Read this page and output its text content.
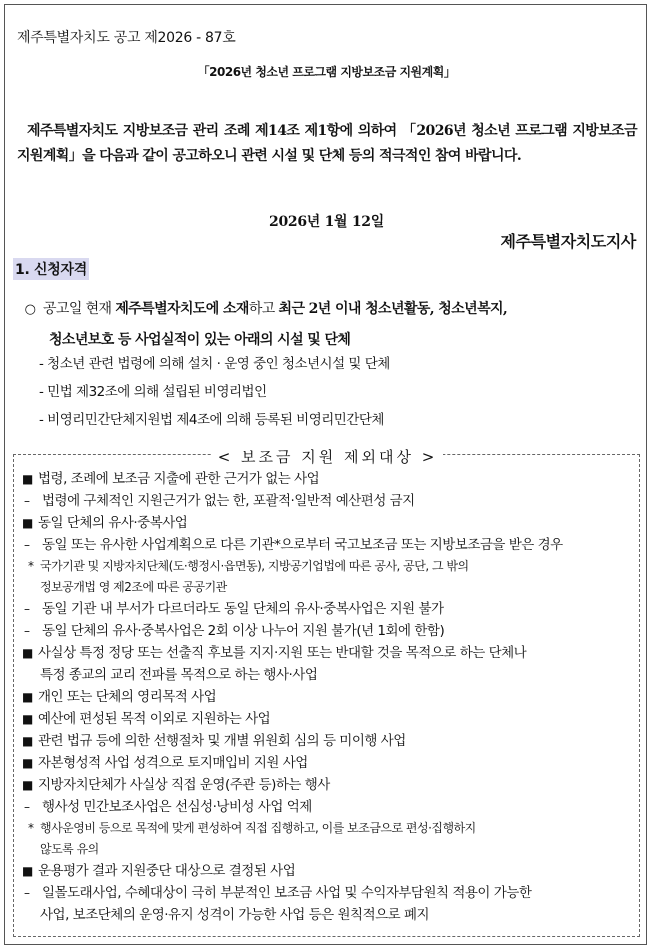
제주특별자치도 공고 제2026 - 87호
「2026년 청소년 프로그램 지방보조금 지원계획」

제주특별자치도 지방보조금 관리 조례 제14조 제1항에 의하여 「2026년 청소년 프로그램 지방보조금 지원계획」을 다음과 같이 공고하오니 관련 시설 및 단체 등의 적극적인 참여 바랍니다.

2026년 1월 12일
제주특별자치도지사
1. 신청자격
○ 공고일 현재 제주특별자치도에 소재하고 최근 2년 이내 청소년활동, 청소년복지,
청소년보호 등 사업실적이 있는 아래의 시설 및 단체
- 청소년 관련 법령에 의해 설치 · 운영 중인 청소년시설 및 단체
- 민법 제32조에 의해 설립된 비영리법인
- 비영리민간단체지원법 제4조에 의해 등록된 비영리민간단체
< 보조금 지원 제외대상 >
■ 법령, 조례에 보조금 지출에 관한 근거가 없는 사업
– 법령에 구체적인 지원근거가 없는 한, 포괄적·일반적 예산편성 금지
■ 동일 단체의 유사·중복사업
– 동일 또는 유사한 사업계획으로 다른 기관*으로부터 국고보조금 또는 지방보조금을 받은 경우
* 국가기관 및 지방자치단체(도·행정시·읍면동), 지방공기업법에 따른 공사, 공단, 그 밖의
정보공개법 영 제2조에 따른 공공기관
– 동일 기관 내 부서가 다르더라도 동일 단체의 유사·중복사업은 지원 불가
– 동일 단체의 유사·중복사업은 2회 이상 나누어 지원 불가(년 1회에 한함)
■ 사실상 특정 정당 또는 선출직 후보를 지지·지원 또는 반대할 것을 목적으로 하는 단체나
특정 종교의 교리 전파를 목적으로 하는 행사·사업
■ 개인 또는 단체의 영리목적 사업
■ 예산에 편성된 목적 이외로 지원하는 사업
■ 관련 법규 등에 의한 선행절차 및 개별 위원회 심의 등 미이행 사업
■ 자본형성적 사업 성격으로 토지매입비 지원 사업
■ 지방자치단체가 사실상 직접 운영(주관 등)하는 행사
– 행사성 민간보조사업은 선심성·낭비성 사업 억제
* 행사운영비 등으로 목적에 맞게 편성하여 직접 집행하고, 이를 보조금으로 편성·집행하지
않도록 유의
■ 운용평가 결과 지원중단 대상으로 결정된 사업
– 일몰도래사업, 수혜대상이 극히 부분적인 보조금 사업 및 수익자부담원칙 적용이 가능한
사업, 보조단체의 운영·유지 성격이 가능한 사업 등은 원칙적으로 폐지
